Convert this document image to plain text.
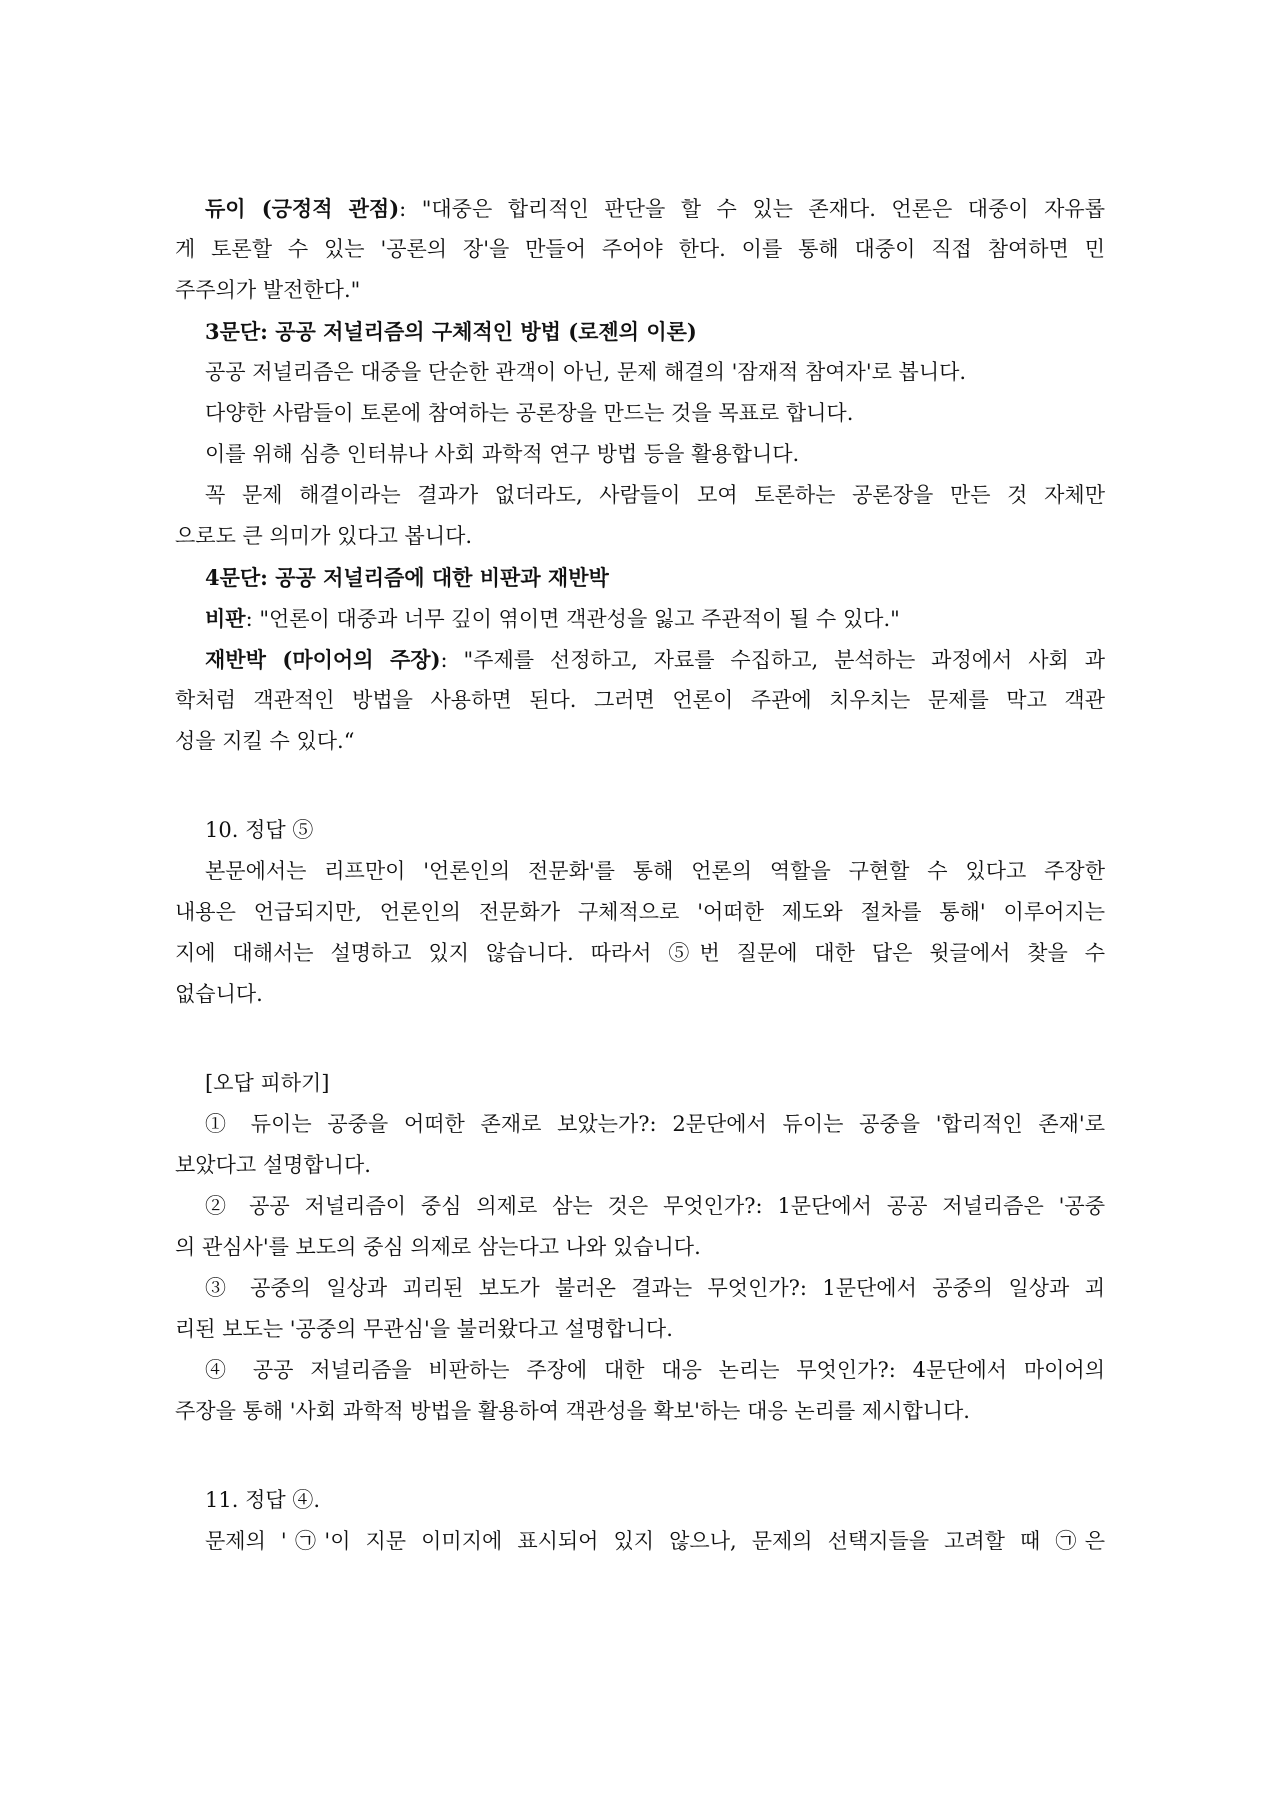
듀이 (긍정적 관점): "대중은 합리적인 판단을 할 수 있는 존재다. 언론은 대중이 자유롭
게 토론할 수 있는 '공론의 장'을 만들어 주어야 한다. 이를 통해 대중이 직접 참여하면 민
주주의가 발전한다."
3문단: 공공 저널리즘의 구체적인 방법 (로젠의 이론)
공공 저널리즘은 대중을 단순한 관객이 아닌, 문제 해결의 '잠재적 참여자'로 봅니다.
다양한 사람들이 토론에 참여하는 공론장을 만드는 것을 목표로 합니다.
이를 위해 심층 인터뷰나 사회 과학적 연구 방법 등을 활용합니다.
꼭 문제 해결이라는 결과가 없더라도, 사람들이 모여 토론하는 공론장을 만든 것 자체만
으로도 큰 의미가 있다고 봅니다.
4문단: 공공 저널리즘에 대한 비판과 재반박
비판: "언론이 대중과 너무 깊이 엮이면 객관성을 잃고 주관적이 될 수 있다."
재반박 (마이어의 주장): "주제를 선정하고, 자료를 수집하고, 분석하는 과정에서 사회 과
학처럼 객관적인 방법을 사용하면 된다. 그러면 언론이 주관에 치우치는 문제를 막고 객관
성을 지킬 수 있다.“
10. 정답 ⑤
본문에서는 리프만이 '언론인의 전문화'를 통해 언론의 역할을 구현할 수 있다고 주장한
내용은 언급되지만, 언론인의 전문화가 구체적으로 '어떠한 제도와 절차를 통해' 이루어지는
지에 대해서는 설명하고 있지 않습니다. 따라서 ⑤번 질문에 대한 답은 윗글에서 찾을 수
없습니다.
[오답 피하기]
① 듀이는 공중을 어떠한 존재로 보았는가?: 2문단에서 듀이는 공중을 '합리적인 존재'로
보았다고 설명합니다.
② 공공 저널리즘이 중심 의제로 삼는 것은 무엇인가?: 1문단에서 공공 저널리즘은 '공중
의 관심사'를 보도의 중심 의제로 삼는다고 나와 있습니다.
③ 공중의 일상과 괴리된 보도가 불러온 결과는 무엇인가?: 1문단에서 공중의 일상과 괴
리된 보도는 '공중의 무관심'을 불러왔다고 설명합니다.
④ 공공 저널리즘을 비판하는 주장에 대한 대응 논리는 무엇인가?: 4문단에서 마이어의
주장을 통해 '사회 과학적 방법을 활용하여 객관성을 확보'하는 대응 논리를 제시합니다.
11. 정답 ④.
문제의 '㉠'이 지문 이미지에 표시되어 있지 않으나, 문제의 선택지들을 고려할 때 ㉠은
